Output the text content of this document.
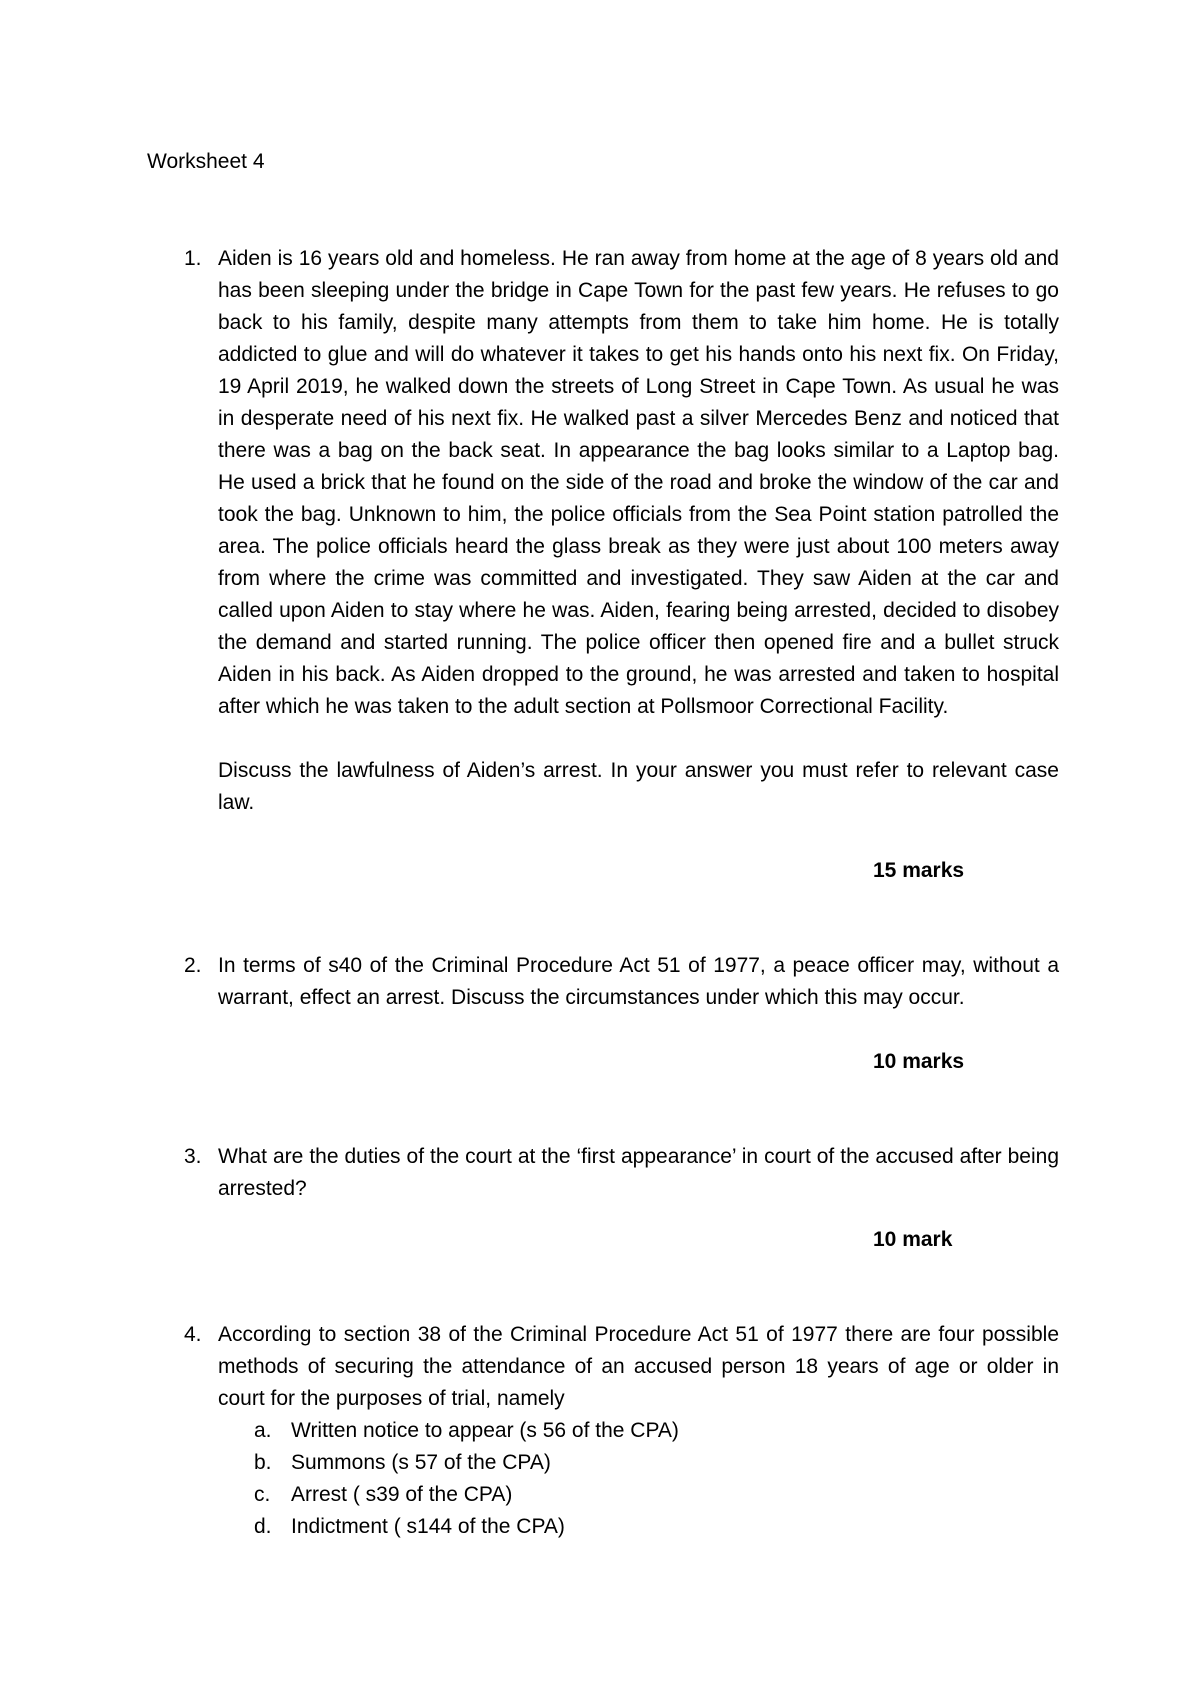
Worksheet 4
1. Aiden is 16 years old and homeless. He ran away from home at the age of 8 years old and has been sleeping under the bridge in Cape Town for the past few years. He refuses to go back to his family, despite many attempts from them to take him home. He is totally addicted to glue and will do whatever it takes to get his hands onto his next fix. On Friday, 19 April 2019, he walked down the streets of Long Street in Cape Town. As usual he was in desperate need of his next fix. He walked past a silver Mercedes Benz and noticed that there was a bag on the back seat. In appearance the bag looks similar to a Laptop bag. He used a brick that he found on the side of the road and broke the window of the car and took the bag. Unknown to him, the police officials from the Sea Point station patrolled the area. The police officials heard the glass break as they were just about 100 meters away from where the crime was committed and investigated. They saw Aiden at the car and called upon Aiden to stay where he was. Aiden, fearing being arrested, decided to disobey the demand and started running. The police officer then opened fire and a bullet struck Aiden in his back. As Aiden dropped to the ground, he was arrested and taken to hospital after which he was taken to the adult section at Pollsmoor Correctional Facility.

Discuss the lawfulness of Aiden’s arrest. In your answer you must refer to relevant case law.

15 marks
2. In terms of s40 of the Criminal Procedure Act 51 of 1977, a peace officer may, without a warrant, effect an arrest. Discuss the circumstances under which this may occur.

10 marks
3. What are the duties of the court at the ‘first appearance’ in court of the accused after being arrested?

10 mark
4. According to section 38 of the Criminal Procedure Act 51 of 1977 there are four possible methods of securing the attendance of an accused person 18 years of age or older in court for the purposes of trial, namely

a. Written notice to appear (s 56 of the CPA)
b. Summons (s 57 of the CPA)
c. Arrest ( s39 of the CPA)
d. Indictment ( s144 of the CPA)
